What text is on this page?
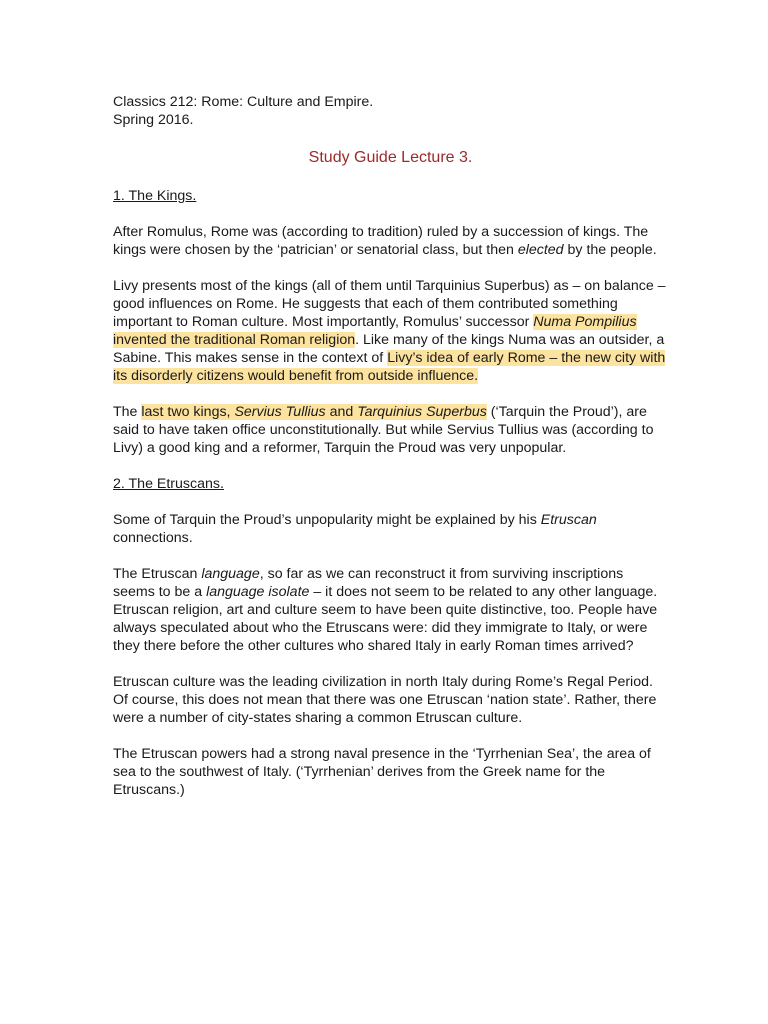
Classics 212: Rome: Culture and Empire.
Spring 2016.
Study Guide Lecture 3.
1. The Kings.

After Romulus, Rome was (according to tradition) ruled by a succession of kings. The kings were chosen by the ‘patrician’ or senatorial class, but then elected by the people.

Livy presents most of the kings (all of them until Tarquinius Superbus) as – on balance – good influences on Rome. He suggests that each of them contributed something important to Roman culture. Most importantly, Romulus’ successor Numa Pompilius invented the traditional Roman religion. Like many of the kings Numa was an outsider, a Sabine. This makes sense in the context of Livy’s idea of early Rome – the new city with its disorderly citizens would benefit from outside influence.

The last two kings, Servius Tullius and Tarquinius Superbus (‘Tarquin the Proud’), are said to have taken office unconstitutionally. But while Servius Tullius was (according to Livy) a good king and a reformer, Tarquin the Proud was very unpopular.

2. The Etruscans.

Some of Tarquin the Proud’s unpopularity might be explained by his Etruscan connections.

The Etruscan language, so far as we can reconstruct it from surviving inscriptions seems to be a language isolate – it does not seem to be related to any other language. Etruscan religion, art and culture seem to have been quite distinctive, too. People have always speculated about who the Etruscans were: did they immigrate to Italy, or were they there before the other cultures who shared Italy in early Roman times arrived?

Etruscan culture was the leading civilization in north Italy during Rome’s Regal Period. Of course, this does not mean that there was one Etruscan ‘nation state’. Rather, there were a number of city-states sharing a common Etruscan culture.

The Etruscan powers had a strong naval presence in the ‘Tyrrhenian Sea’, the area of sea to the southwest of Italy. (‘Tyrrhenian’ derives from the Greek name for the Etruscans.)
